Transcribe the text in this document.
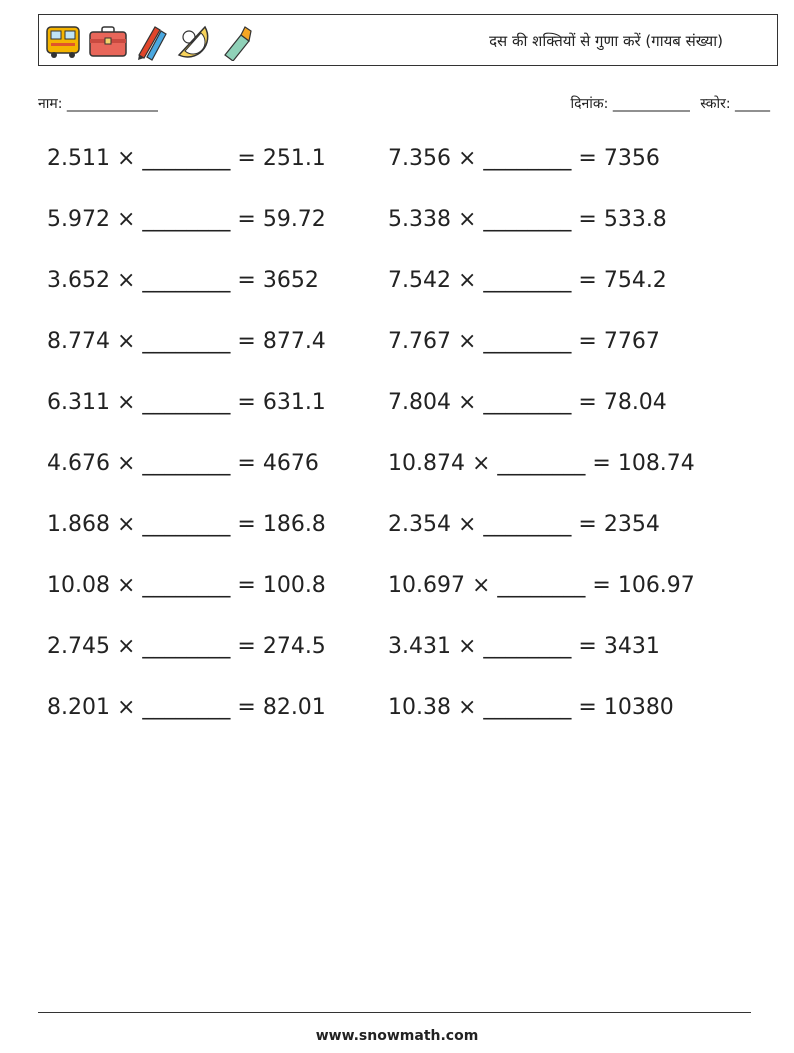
दस की शक्तियों से गुणा करें (गायब संख्या)
नाम: _____________	दिनांक: ___________ स्कोर: _____
2.511 × ________ = 251.1	7.356 × ________ = 7356
5.972 × ________ = 59.72	5.338 × ________ = 533.8
3.652 × ________ = 3652	7.542 × ________ = 754.2
8.774 × ________ = 877.4	7.767 × ________ = 7767
6.311 × ________ = 631.1	7.804 × ________ = 78.04
4.676 × ________ = 4676	10.874 × ________ = 108.74
1.868 × ________ = 186.8	2.354 × ________ = 2354
10.08 × ________ = 100.8	10.697 × ________ = 106.97
2.745 × ________ = 274.5	3.431 × ________ = 3431
8.201 × ________ = 82.01	10.38 × ________ = 10380
www.snowmath.com
